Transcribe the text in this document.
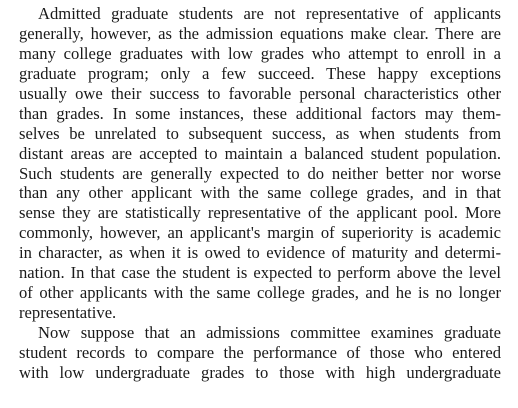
Admitted graduate students are not representative of applicants
generally, however, as the admission equations make clear. There are
many college graduates with low grades who attempt to enroll in a
graduate program; only a few succeed. These happy exceptions
usually owe their success to favorable personal characteristics other
than grades. In some instances, these additional factors may them-
selves be unrelated to subsequent success, as when students from
distant areas are accepted to maintain a balanced student population.
Such students are generally expected to do neither better nor worse
than any other applicant with the same college grades, and in that
sense they are statistically representative of the applicant pool. More
commonly, however, an applicant's margin of superiority is academic
in character, as when it is owed to evidence of maturity and determi-
nation. In that case the student is expected to perform above the level
of other applicants with the same college grades, and he is no longer
representative.
Now suppose that an admissions committee examines graduate
student records to compare the performance of those who entered
with low undergraduate grades to those with high undergraduate
